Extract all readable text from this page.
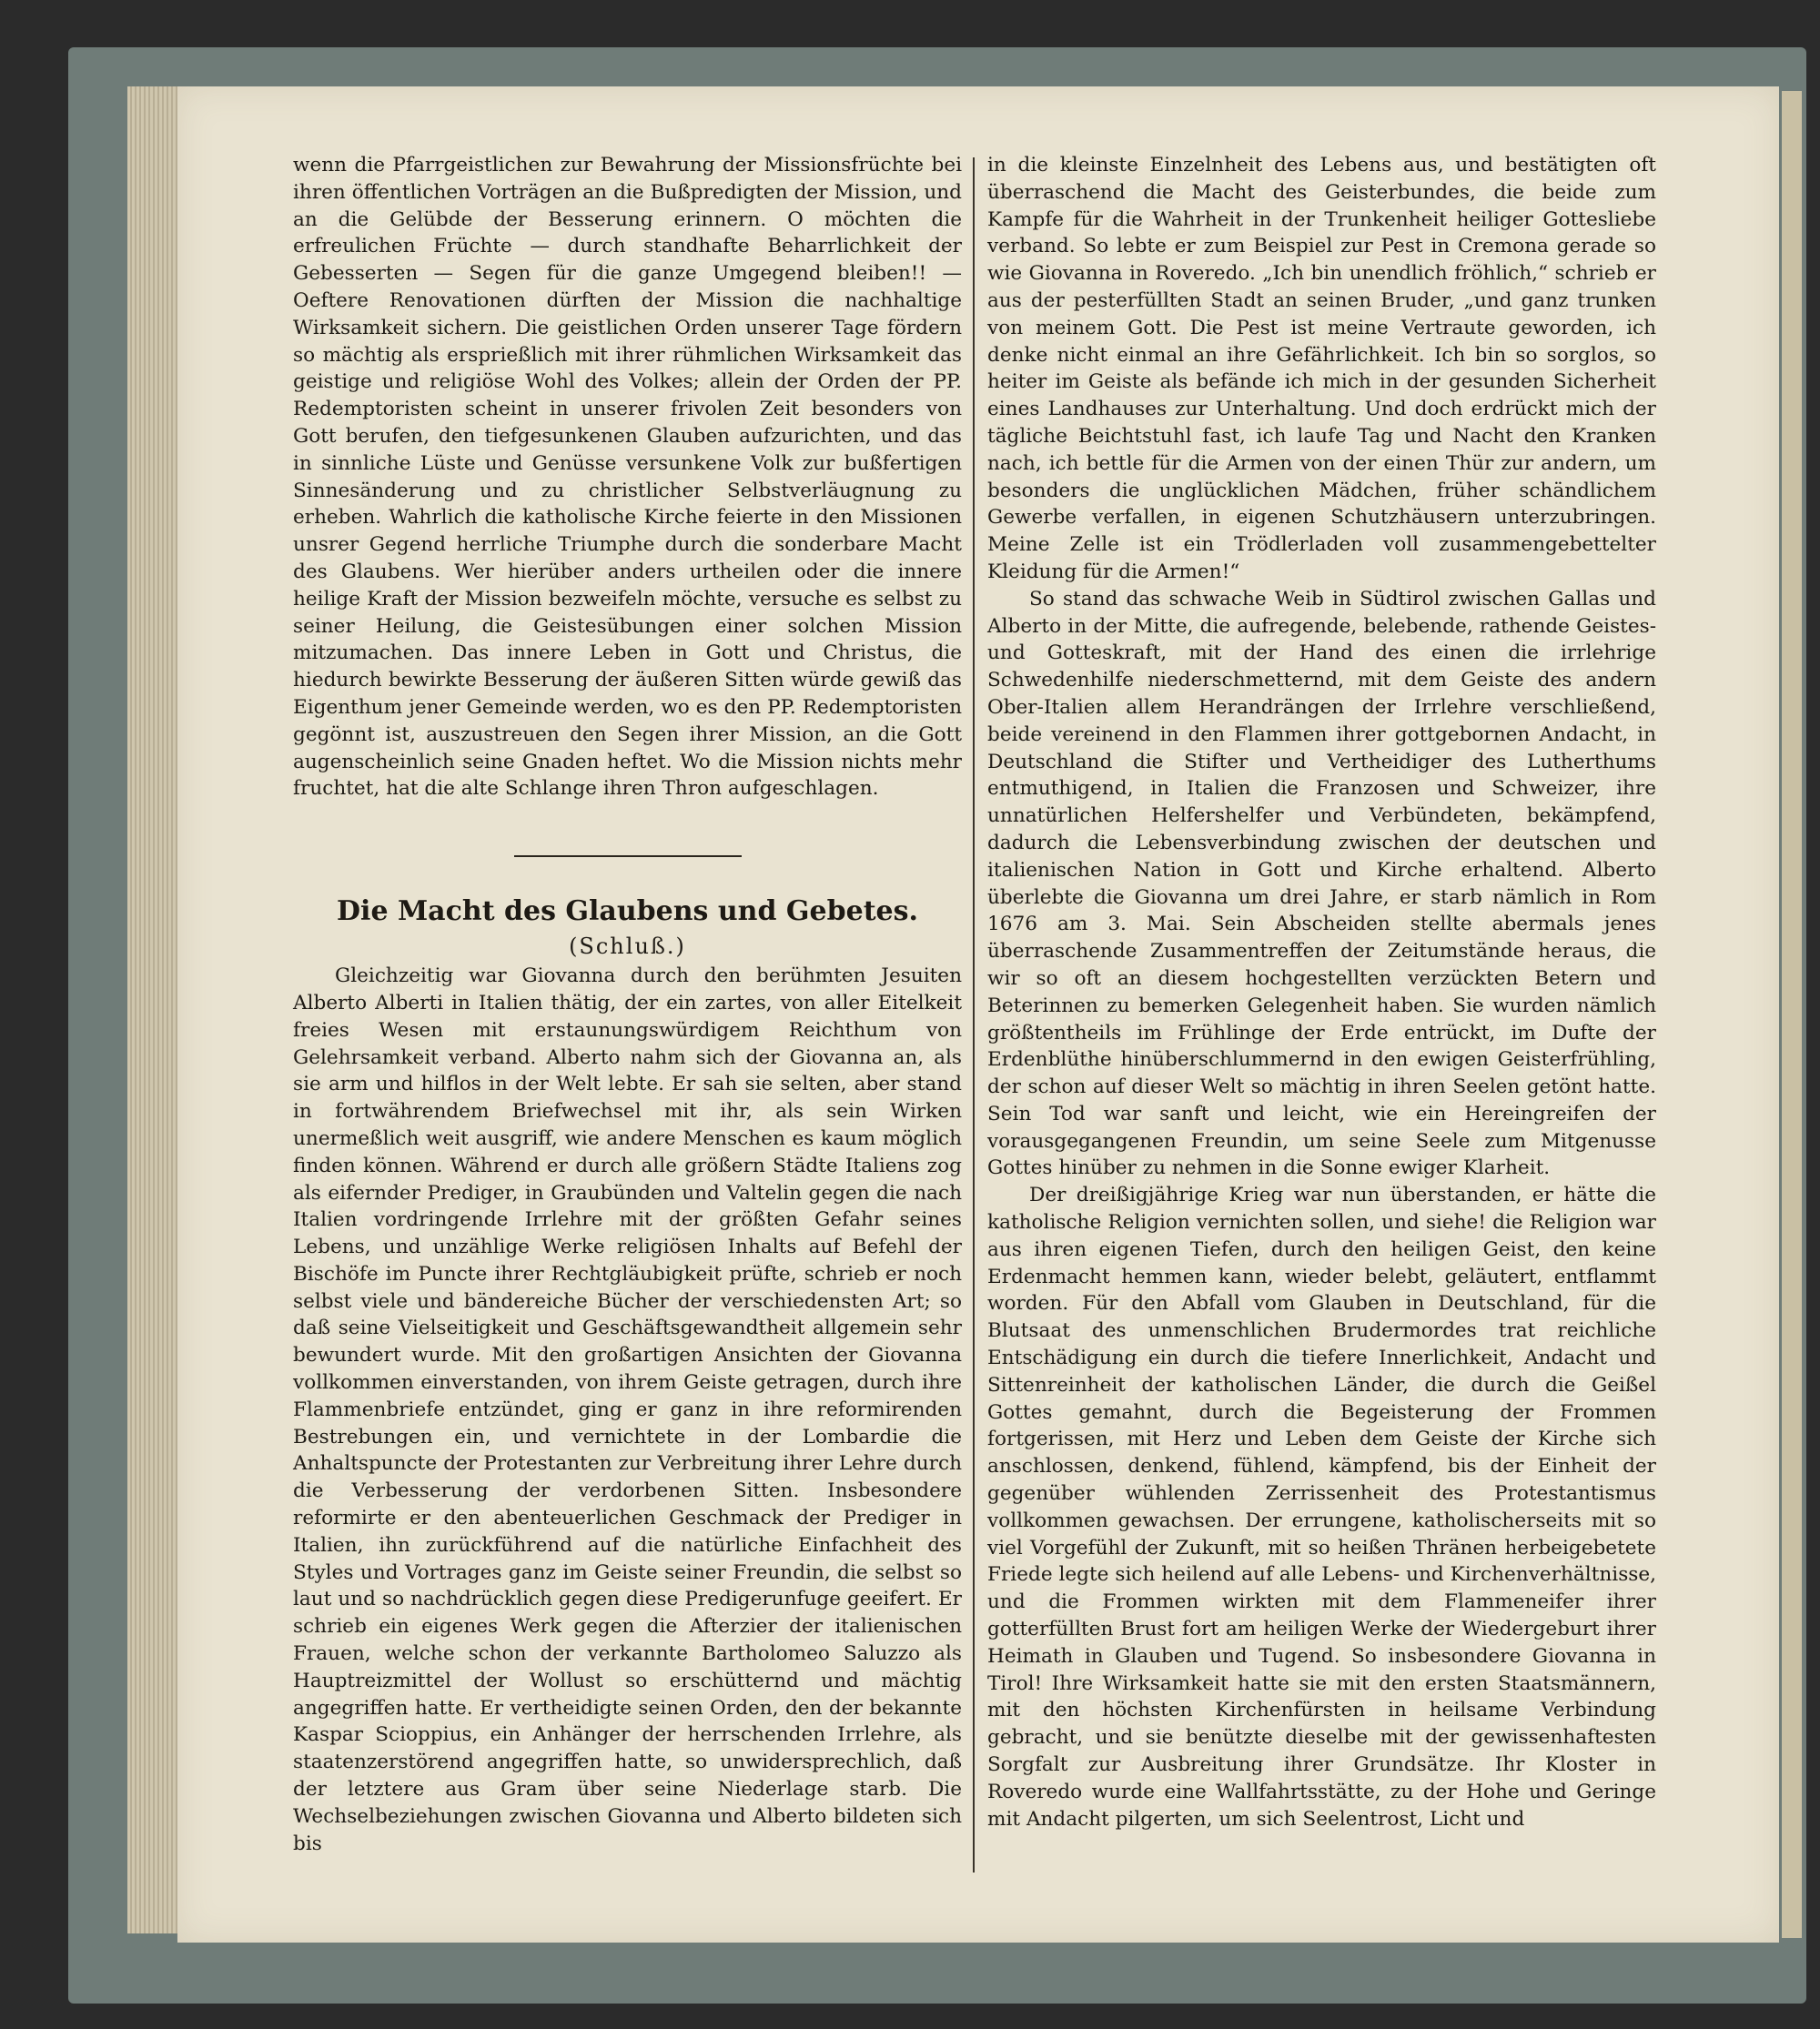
wenn die Pfarrgeistlichen zur Bewahrung der Missionsfrüchte bei ihren öffentlichen Vorträgen an die Bußpredigten der Mission, und an die Gelübde der Besserung erinnern. O möchten die erfreulichen Früchte — durch standhafte Beharrlichkeit der Gebesserten — Segen für die ganze Umgegend bleiben!! — Oeftere Renovationen dürften der Mission die nachhaltige Wirksamkeit sichern. Die geistlichen Orden unserer Tage fördern so mächtig als ersprießlich mit ihrer rühmlichen Wirksamkeit das geistige und religiöse Wohl des Volkes; allein der Orden der PP. Redemptoristen scheint in unserer frivolen Zeit besonders von Gott berufen, den tiefgesunkenen Glauben aufzurichten, und das in sinnliche Lüste und Genüsse versunkene Volk zur bußfertigen Sinnesänderung und zu christlicher Selbstverläugnung zu erheben. Wahrlich die katholische Kirche feierte in den Missionen unsrer Gegend herrliche Triumphe durch die sonderbare Macht des Glaubens. Wer hierüber anders urtheilen oder die innere heilige Kraft der Mission bezweifeln möchte, versuche es selbst zu seiner Heilung, die Geistesübungen einer solchen Mission mitzumachen. Das innere Leben in Gott und Christus, die hiedurch bewirkte Besserung der äußeren Sitten würde gewiß das Eigenthum jener Gemeinde werden, wo es den PP. Redemptoristen gegönnt ist, auszustreuen den Segen ihrer Mission, an die Gott augenscheinlich seine Gnaden heftet. Wo die Mission nichts mehr fruchtet, hat die alte Schlange ihren Thron aufgeschlagen.

Die Macht des Glaubens und Gebetes.

(Schluß.)

Gleichzeitig war Giovanna durch den berühmten Jesuiten Alberto Alberti in Italien thätig, der ein zartes, von aller Eitelkeit freies Wesen mit erstaunungswürdigem Reichthum von Gelehrsamkeit verband. Alberto nahm sich der Giovanna an, als sie arm und hilflos in der Welt lebte. Er sah sie selten, aber stand in fortwährendem Briefwechsel mit ihr, als sein Wirken unermeßlich weit ausgriff, wie andere Menschen es kaum möglich finden können. Während er durch alle größern Städte Italiens zog als eifernder Prediger, in Graubünden und Valtelin gegen die nach Italien vordringende Irrlehre mit der größten Gefahr seines Lebens, und unzählige Werke religiösen Inhalts auf Befehl der Bischöfe im Puncte ihrer Rechtgläubigkeit prüfte, schrieb er noch selbst viele und bändereiche Bücher der verschiedensten Art; so daß seine Vielseitigkeit und Geschäftsgewandtheit allgemein sehr bewundert wurde. Mit den großartigen Ansichten der Giovanna vollkommen einverstanden, von ihrem Geiste getragen, durch ihre Flammenbriefe entzündet, ging er ganz in ihre reformirenden Bestrebungen ein, und vernichtete in der Lombardie die Anhaltspuncte der Protestanten zur Verbreitung ihrer Lehre durch die Verbesserung der verdorbenen Sitten. Insbesondere reformirte er den abenteuerlichen Geschmack der Prediger in Italien, ihn zurückführend auf die natürliche Einfachheit des Styles und Vortrages ganz im Geiste seiner Freundin, die selbst so laut und so nachdrücklich gegen diese Predigerunfuge geeifert. Er schrieb ein eigenes Werk gegen die Afterzier der italienischen Frauen, welche schon der verkannte Bartholomeo Saluzzo als Hauptreizmittel der Wollust so erschütternd und mächtig angegriffen hatte. Er vertheidigte seinen Orden, den der bekannte Kaspar Scioppius, ein Anhänger der herrschenden Irrlehre, als staatenzerstörend angegriffen hatte, so unwidersprechlich, daß der letztere aus Gram über seine Niederlage starb. Die Wechselbeziehungen zwischen Giovanna und Alberto bildeten sich bis

in die kleinste Einzelnheit des Lebens aus, und bestätigten oft überraschend die Macht des Geisterbundes, die beide zum Kampfe für die Wahrheit in der Trunkenheit heiliger Gottesliebe verband. So lebte er zum Beispiel zur Pest in Cremona gerade so wie Giovanna in Roveredo. „Ich bin unendlich fröhlich,“ schrieb er aus der pesterfüllten Stadt an seinen Bruder, „und ganz trunken von meinem Gott. Die Pest ist meine Vertraute geworden, ich denke nicht einmal an ihre Gefährlichkeit. Ich bin so sorglos, so heiter im Geiste als befände ich mich in der gesunden Sicherheit eines Landhauses zur Unterhaltung. Und doch erdrückt mich der tägliche Beichtstuhl fast, ich laufe Tag und Nacht den Kranken nach, ich bettle für die Armen von der einen Thür zur andern, um besonders die unglücklichen Mädchen, früher schändlichem Gewerbe verfallen, in eigenen Schutzhäusern unterzubringen. Meine Zelle ist ein Trödlerladen voll zusammengebettelter Kleidung für die Armen!“

So stand das schwache Weib in Südtirol zwischen Gallas und Alberto in der Mitte, die aufregende, belebende, rathende Geistes- und Gotteskraft, mit der Hand des einen die irrlehrige Schwedenhilfe niederschmetternd, mit dem Geiste des andern Ober-Italien allem Herandrängen der Irrlehre verschließend, beide vereinend in den Flammen ihrer gottgebornen Andacht, in Deutschland die Stifter und Vertheidiger des Lutherthums entmuthigend, in Italien die Franzosen und Schweizer, ihre unnatürlichen Helfershelfer und Verbündeten, bekämpfend, dadurch die Lebensverbindung zwischen der deutschen und italienischen Nation in Gott und Kirche erhaltend. Alberto überlebte die Giovanna um drei Jahre, er starb nämlich in Rom 1676 am 3. Mai. Sein Abscheiden stellte abermals jenes überraschende Zusammentreffen der Zeitumstände heraus, die wir so oft an diesem hochgestellten verzückten Betern und Beterinnen zu bemerken Gelegenheit haben. Sie wurden nämlich größtentheils im Frühlinge der Erde entrückt, im Dufte der Erdenblüthe hinüberschlummernd in den ewigen Geisterfrühling, der schon auf dieser Welt so mächtig in ihren Seelen getönt hatte. Sein Tod war sanft und leicht, wie ein Hereingreifen der vorausgegangenen Freundin, um seine Seele zum Mitgenusse Gottes hinüber zu nehmen in die Sonne ewiger Klarheit.

Der dreißigjährige Krieg war nun überstanden, er hätte die katholische Religion vernichten sollen, und siehe! die Religion war aus ihren eigenen Tiefen, durch den heiligen Geist, den keine Erdenmacht hemmen kann, wieder belebt, geläutert, entflammt worden. Für den Abfall vom Glauben in Deutschland, für die Blutsaat des unmenschlichen Brudermordes trat reichliche Entschädigung ein durch die tiefere Innerlichkeit, Andacht und Sittenreinheit der katholischen Länder, die durch die Geißel Gottes gemahnt, durch die Begeisterung der Frommen fortgerissen, mit Herz und Leben dem Geiste der Kirche sich anschlossen, denkend, fühlend, kämpfend, bis der Einheit der gegenüber wühlenden Zerrissenheit des Protestantismus vollkommen gewachsen. Der errungene, katholischerseits mit so viel Vorgefühl der Zukunft, mit so heißen Thränen herbeigebetete Friede legte sich heilend auf alle Lebens- und Kirchenverhältnisse, und die Frommen wirkten mit dem Flammeneifer ihrer gotterfüllten Brust fort am heiligen Werke der Wiedergeburt ihrer Heimath in Glauben und Tugend. So insbesondere Giovanna in Tirol! Ihre Wirksamkeit hatte sie mit den ersten Staatsmännern, mit den höchsten Kirchenfürsten in heilsame Verbindung gebracht, und sie benützte dieselbe mit der gewissenhaftesten Sorgfalt zur Ausbreitung ihrer Grundsätze. Ihr Kloster in Roveredo wurde eine Wallfahrtsstätte, zu der Hohe und Geringe mit Andacht pilgerten, um sich Seelentrost, Licht und
